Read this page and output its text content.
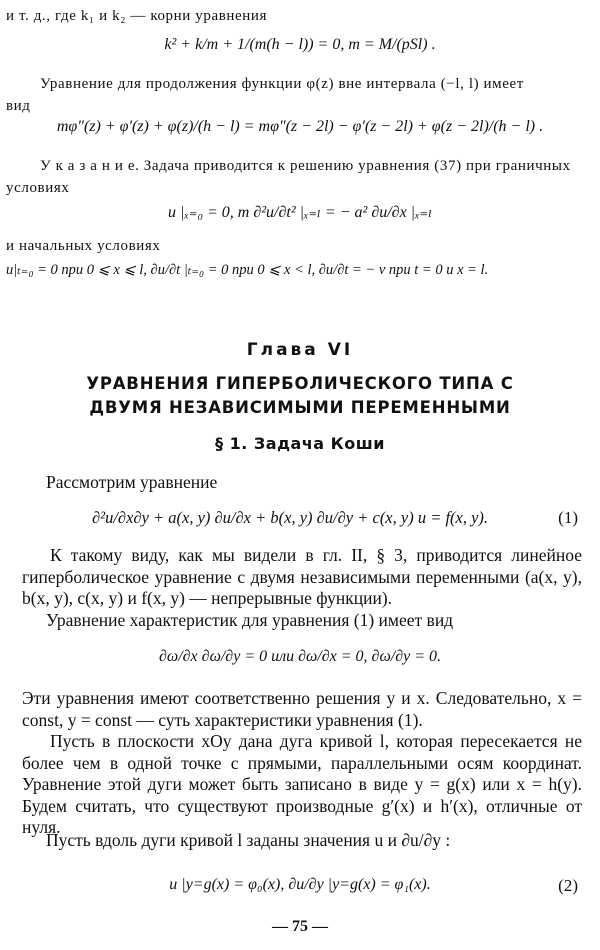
и т. д., где k₁ и k₂ — корни уравнения
k² + k/m + 1/(m(h − l)) = 0, m = M/(pSl) .
Уравнение для продолжения функции φ(z) вне интервала (−l, l) имеет
вид
mφ″(z) + φ′(z) + φ(z)/(h − l) = mφ″(z − 2l) − φ′(z − 2l) + φ(z − 2l)/(h − l) .
У к а з а н и е. Задача приводится к решению уравнения (37) при граничных
условиях
u |ₓ₌₀ = 0, m ∂²u/∂t² |ₓ₌ₗ = − a² ∂u/∂x |ₓ₌ₗ
и начальных условиях
u|ₜ₌₀ = 0 при 0 ⩽ x ⩽ l, ∂u/∂t |ₜ₌₀ = 0 при 0 ⩽ x < l, ∂u/∂t = − v при t = 0 и x = l.
Глава VI
УРАВНЕНИЯ ГИПЕРБОЛИЧЕСКОГО ТИПА С ДВУМЯ НЕЗАВИСИМЫМИ ПЕРЕМЕННЫМИ
§ 1. Задача Коши
Рассмотрим уравнение
∂²u/∂x∂y + a(x, y) ∂u/∂x + b(x, y) ∂u/∂y + c(x, y) u = f(x, y).	(1)
К такому виду, как мы видели в гл. II, § 3, приводится линейное гиперболическое уравнение с двумя независимыми переменными (a(x, y), b(x, y), c(x, y) и f(x, y) — непрерывные функции).
Уравнение характеристик для уравнения (1) имеет вид
∂ω/∂x ∂ω/∂y = 0 или ∂ω/∂x = 0, ∂ω/∂y = 0.
Эти уравнения имеют соответственно решения y и x. Следовательно, x = const, y = const — суть характеристики уравнения (1).
Пусть в плоскости xOy дана дуга кривой l, которая пересекается не более чем в одной точке с прямыми, параллельными осям координат. Уравнение этой дуги может быть записано в виде y = g(x) или x = h(y). Будем считать, что существуют производные g′(x) и h′(x), отличные от нуля.
Пусть вдоль дуги кривой l заданы значения u и ∂u/∂y :
u |y=g(x) = φ₀(x), ∂u/∂y |y=g(x) = φ₁(x).	(2)
— 75 —
